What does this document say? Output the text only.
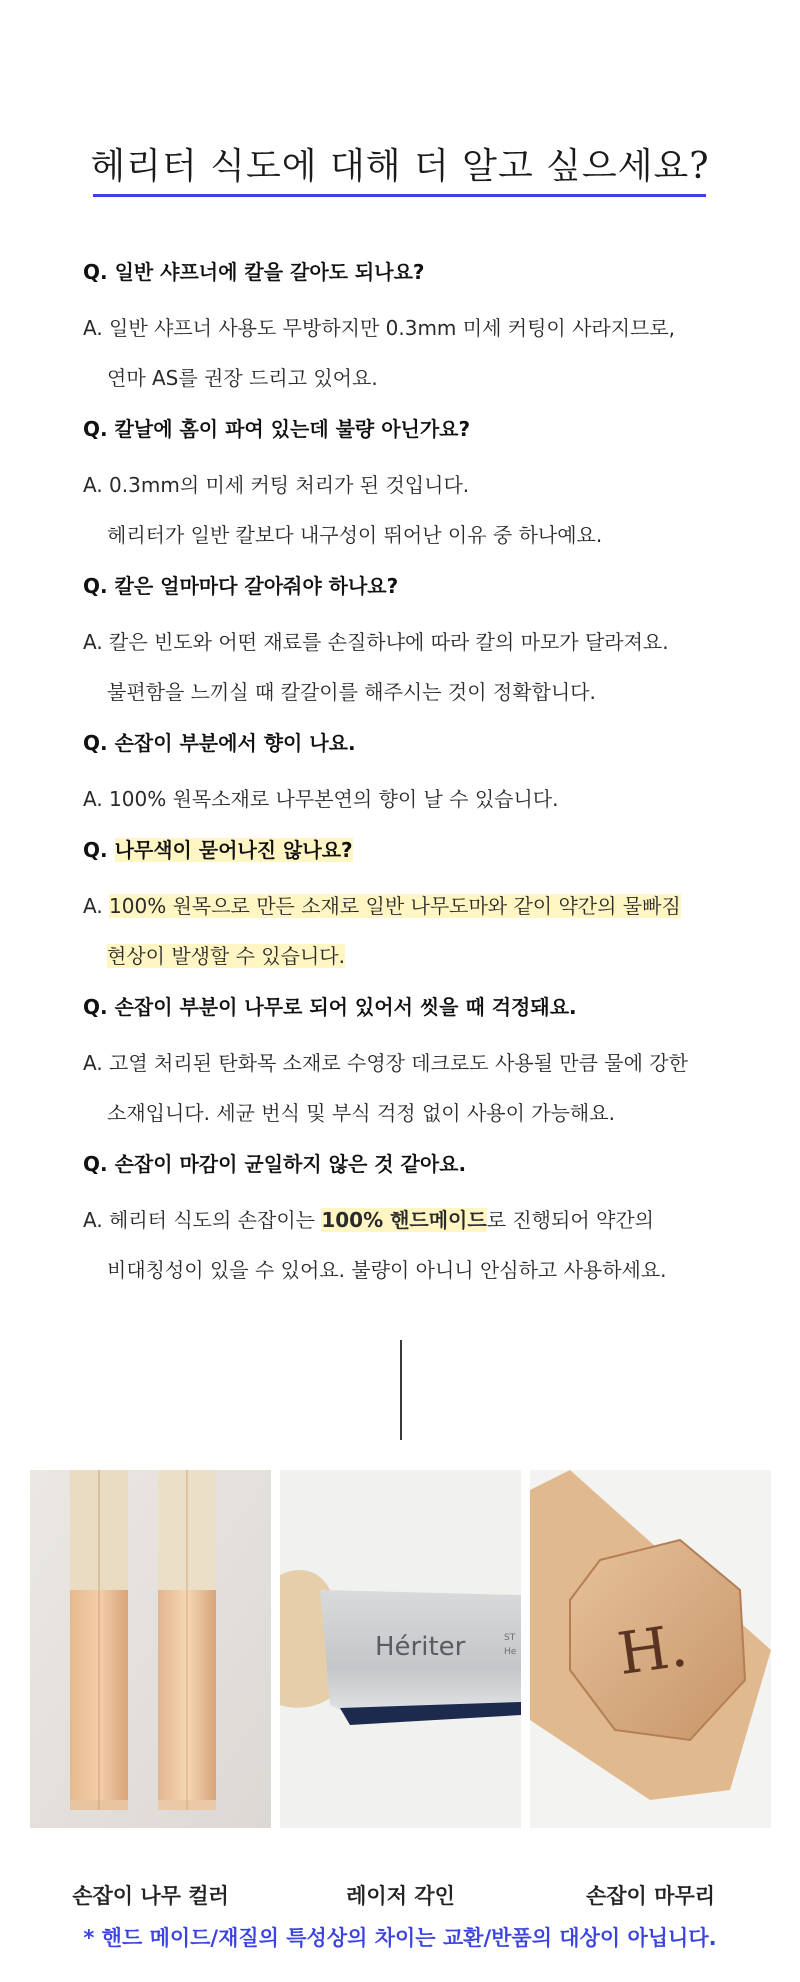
헤리터 식도에 대해 더 알고 싶으세요?
Q. 일반 샤프너에 칼을 갈아도 되나요?
A. 일반 샤프너 사용도 무방하지만 0.3mm 미세 커팅이 사라지므로,
연마 AS를 권장 드리고 있어요.
Q. 칼날에 홈이 파여 있는데 불량 아닌가요?
A. 0.3mm의 미세 커팅 처리가 된 것입니다.
헤리터가 일반 칼보다 내구성이 뛰어난 이유 중 하나예요.
Q. 칼은 얼마마다 갈아줘야 하나요?
A. 칼은 빈도와 어떤 재료를 손질하냐에 따라 칼의 마모가 달라져요.
불편함을 느끼실 때 칼갈이를 해주시는 것이 정확합니다.
Q. 손잡이 부분에서 향이 나요.
A. 100% 원목소재로 나무본연의 향이 날 수 있습니다.
Q. 나무색이 묻어나진 않나요?
A. 100% 원목으로 만든 소재로 일반 나무도마와 같이 약간의 물빠짐
현상이 발생할 수 있습니다.
Q. 손잡이 부분이 나무로 되어 있어서 씻을 때 걱정돼요.
A. 고열 처리된 탄화목 소재로 수영장 데크로도 사용될 만큼 물에 강한
소재입니다. 세균 번식 및 부식 걱정 없이 사용이 가능해요.
Q. 손잡이 마감이 균일하지 않은 것 같아요.
A. 헤리터 식도의 손잡이는 100% 핸드메이드로 진행되어 약간의
비대칭성이 있을 수 있어요. 불량이 아니니 안심하고 사용하세요.
Hériter	ST
He H.
손잡이 나무 컬러	레이저 각인	손잡이 마무리
* 핸드 메이드/재질의 특성상의 차이는 교환/반품의 대상이 아닙니다.
